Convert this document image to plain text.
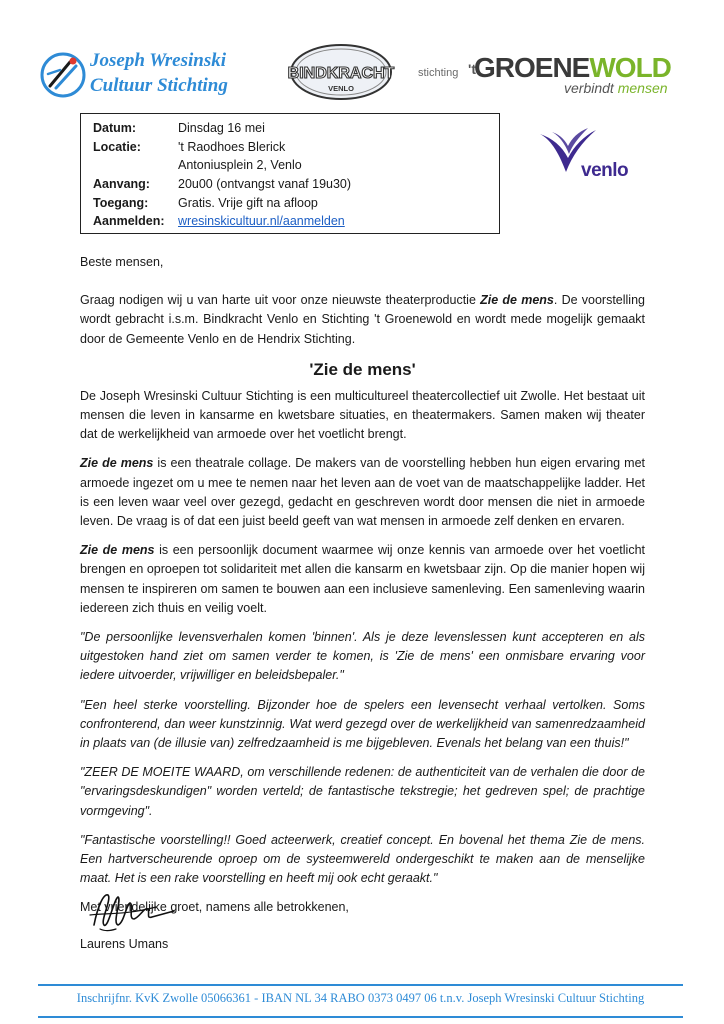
Joseph Wresinski
Cultuur Stichting
BINDKRACHT
VENLO
stichting 't
GROENEWOLD
verbindt mensen
Datum:	Dinsdag 16 mei
Locatie:	't Raodhoes Blerick
Antoniusplein 2, Venlo
Aanvang:	20u00 (ontvangst vanaf 19u30)
Toegang:	Gratis. Vrije gift na afloop
Aanmelden:	wresinskicultuur.nl/aanmelden
venlo

Beste mensen,

Graag nodigen wij u van harte uit voor onze nieuwste theaterproductie Zie de mens. De voorstelling wordt gebracht i.s.m. Bindkracht Venlo en Stichting 't Groenewold en wordt mede mogelijk gemaakt door de Gemeente Venlo en de Hendrix Stichting.

'Zie de mens'

De Joseph Wresinski Cultuur Stichting is een multicultureel theatercollectief uit Zwolle. Het bestaat uit mensen die leven in kansarme en kwetsbare situaties, en theatermakers. Samen maken wij theater dat de werkelijkheid van armoede over het voetlicht brengt.

Zie de mens is een theatrale collage. De makers van de voorstelling hebben hun eigen ervaring met armoede ingezet om u mee te nemen naar het leven aan de voet van de maatschappelijke ladder. Het is een leven waar veel over gezegd, gedacht en geschreven wordt door mensen die niet in armoede leven. De vraag is of dat een juist beeld geeft van wat mensen in armoede zelf denken en ervaren.

Zie de mens is een persoonlijk document waarmee wij onze kennis van armoede over het voetlicht brengen en oproepen tot solidariteit met allen die kansarm en kwetsbaar zijn. Op die manier hopen wij mensen te inspireren om samen te bouwen aan een inclusieve samenleving. Een samenleving waarin iedereen zich thuis en veilig voelt.

"De persoonlijke levensverhalen komen 'binnen'. Als je deze levenslessen kunt accepteren en als uitgestoken hand ziet om samen verder te komen, is 'Zie de mens' een onmisbare ervaring voor iedere uitvoerder, vrijwilliger en beleidsbepaler."

"Een heel sterke voorstelling. Bijzonder hoe de spelers een levensecht verhaal vertolken. Soms confronterend, dan weer kunstzinnig. Wat werd gezegd over de werkelijkheid van samenredzaamheid in plaats van (de illusie van) zelfredzaamheid is me bijgebleven. Evenals het belang van een thuis!"

"ZEER DE MOEITE WAARD, om verschillende redenen: de authenticiteit van de verhalen die door de "ervaringsdeskundigen" worden verteld; de fantastische tekstregie; het gedreven spel; de prachtige vormgeving".

"Fantastische voorstelling!! Goed acteerwerk, creatief concept. En bovenal het thema Zie de mens. Een hartverscheurende oproep om de systeemwereld ondergeschikt te maken aan de menselijke maat. Het is een rake voorstelling en heeft mij ook echt geraakt."

Met vriendelijke groet, namens alle betrokkenen,

Laurens Umans
Inschrijfnr. KvK Zwolle 05066361 - IBAN NL 34 RABO 0373 0497 06 t.n.v. Joseph Wresinski Cultuur Stichting
